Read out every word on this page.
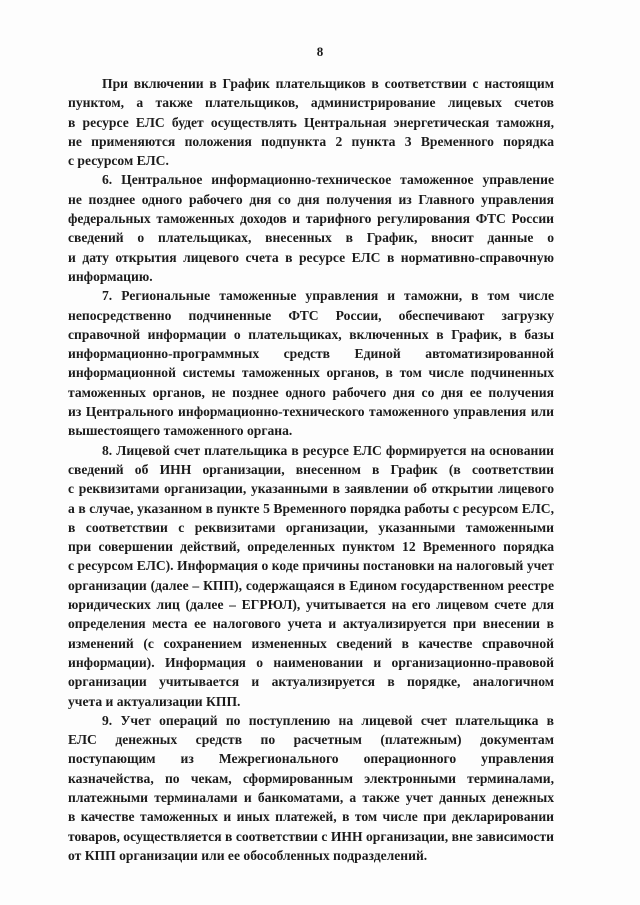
8
При включении в График плательщиков в соответствии с настоящим
пунктом, а также плательщиков, администрирование лицевых счетов
в ресурсе ЕЛС будет осуществлять Центральная энергетическая таможня,
не применяются положения подпункта 2 пункта 3 Временного порядка
с ресурсом ЕЛС.
6. Центральное информационно-техническое таможенное управление
не позднее одного рабочего дня со дня получения из Главного управления
федеральных таможенных доходов и тарифного регулирования ФТС России
сведений о плательщиках, внесенных в График, вносит данные о
и дату открытия лицевого счета в ресурсе ЕЛС в нормативно-справочную
информацию.
7. Региональные таможенные управления и таможни, в том числе
непосредственно подчиненные ФТС России, обеспечивают загрузку
справочной информации о плательщиках, включенных в График, в базы
информационно-программных средств Единой автоматизированной
информационной системы таможенных органов, в том числе подчиненных
таможенных органов, не позднее одного рабочего дня со дня ее получения
из Центрального информационно-технического таможенного управления или
вышестоящего таможенного органа.
8. Лицевой счет плательщика в ресурсе ЕЛС формируется на основании
сведений об ИНН организации, внесенном в График (в соответствии
с реквизитами организации, указанными в заявлении об открытии лицевого
а в случае, указанном в пункте 5 Временного порядка работы с ресурсом ЕЛС,
в соответствии с реквизитами организации, указанными таможенными
при совершении действий, определенных пунктом 12 Временного порядка
с ресурсом ЕЛС). Информация о коде причины постановки на налоговый учет
организации (далее – КПП), содержащаяся в Едином государственном реестре
юридических лиц (далее – ЕГРЮЛ), учитывается на его лицевом счете для
определения места ее налогового учета и актуализируется при внесении в
изменений (с сохранением измененных сведений в качестве справочной
информации). Информация о наименовании и организационно-правовой
организации учитывается и актуализируется в порядке, аналогичном
учета и актуализации КПП.
9. Учет операций по поступлению на лицевой счет плательщика в
ЕЛС денежных средств по расчетным (платежным) документам
поступающим из Межрегионального операционного управления
казначейства, по чекам, сформированным электронными терминалами,
платежными терминалами и банкоматами, а также учет данных денежных
в качестве таможенных и иных платежей, в том числе при декларировании
товаров, осуществляется в соответствии с ИНН организации, вне зависимости
от КПП организации или ее обособленных подразделений.
